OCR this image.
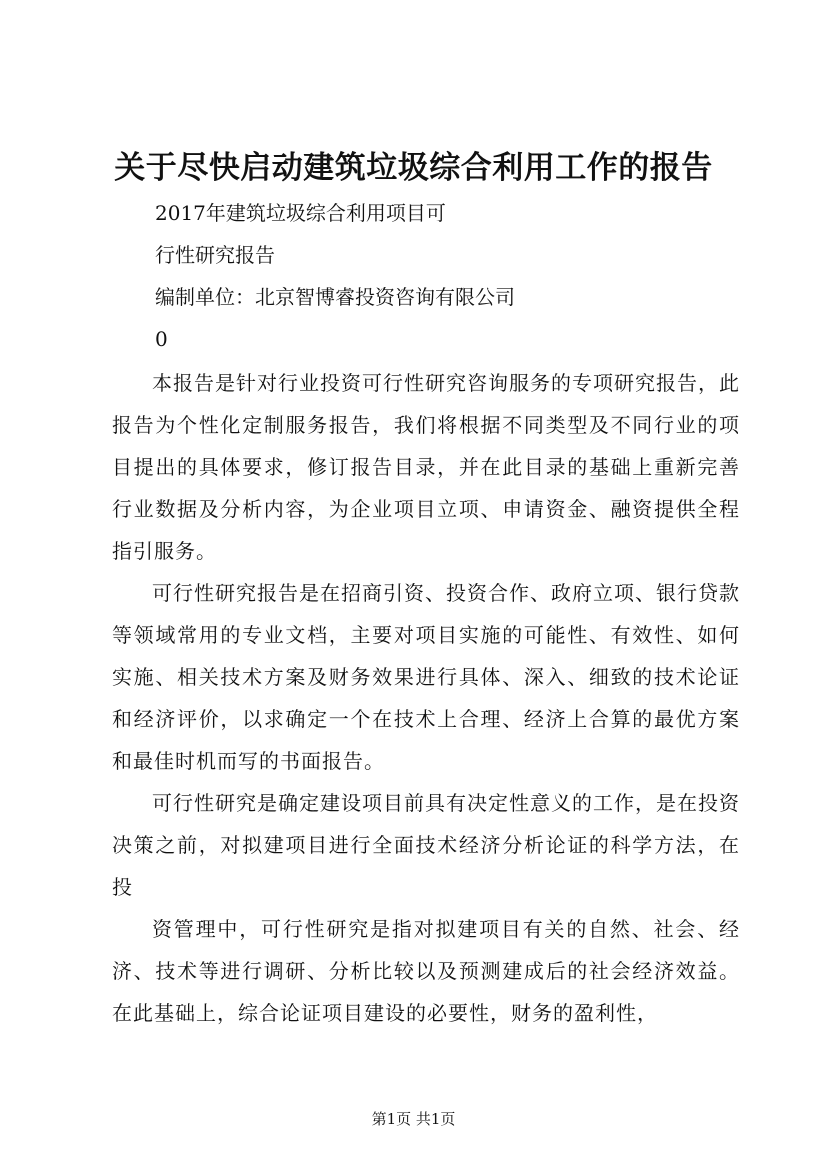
关于尽快启动建筑垃圾综合利用工作的报告

2017年建筑垃圾综合利用项目可

行性研究报告

编制单位：北京智博睿投资咨询有限公司

0

本报告是针对行业投资可行性研究咨询服务的专项研究报告，此报告为个性化定制服务报告，我们将根据不同类型及不同行业的项目提出的具体要求，修订报告目录，并在此目录的基础上重新完善行业数据及分析内容，为企业项目立项、申请资金、融资提供全程指引服务。

可行性研究报告是在招商引资、投资合作、政府立项、银行贷款等领域常用的专业文档，主要对项目实施的可能性、有效性、如何实施、相关技术方案及财务效果进行具体、深入、细致的技术论证和经济评价，以求确定一个在技术上合理、经济上合算的最优方案和最佳时机而写的书面报告。

可行性研究是确定建设项目前具有决定性意义的工作，是在投资决策之前，对拟建项目进行全面技术经济分析论证的科学方法，在投

资管理中，可行性研究是指对拟建项目有关的自然、社会、经济、技术等进行调研、分析比较以及预测建成后的社会经济效益。在此基础上，综合论证项目建设的必要性，财务的盈利性，

第1页 共1页
